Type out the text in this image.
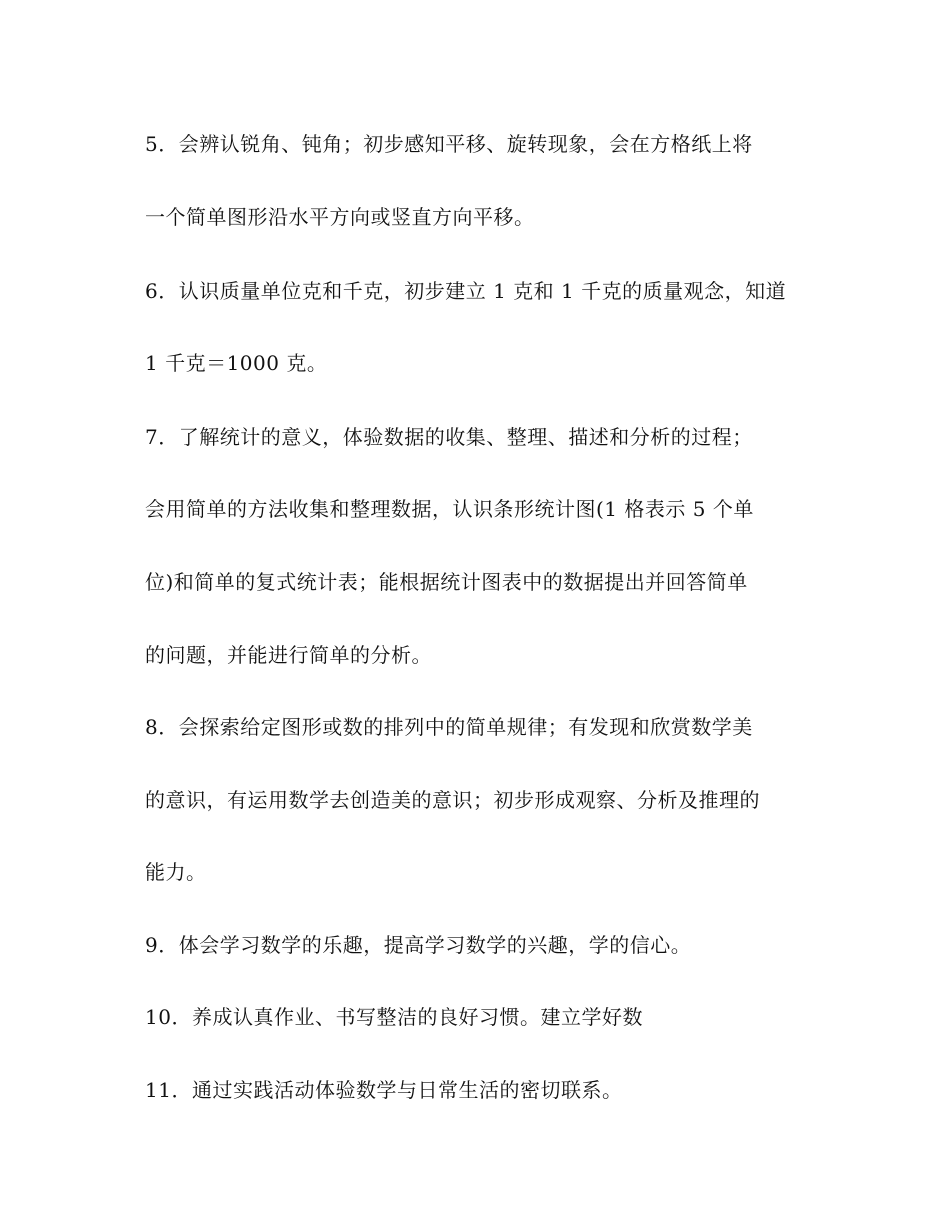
5．会辨认锐角、钝角；初步感知平移、旋转现象，会在方格纸上将
一个简单图形沿水平方向或竖直方向平移。
6．认识质量单位克和千克，初步建立 1 克和 1 千克的质量观念，知道
1 千克＝1000 克。
7．了解统计的意义，体验数据的收集、整理、描述和分析的过程；
会用简单的方法收集和整理数据，认识条形统计图(1 格表示 5 个单
位)和简单的复式统计表；能根据统计图表中的数据提出并回答简单
的问题，并能进行简单的分析。
8．会探索给定图形或数的排列中的简单规律；有发现和欣赏数学美
的意识，有运用数学去创造美的意识；初步形成观察、分析及推理的
能力。
9．体会学习数学的乐趣，提高学习数学的兴趣，学的信心。
10．养成认真作业、书写整洁的良好习惯。建立学好数
11．通过实践活动体验数学与日常生活的密切联系。
